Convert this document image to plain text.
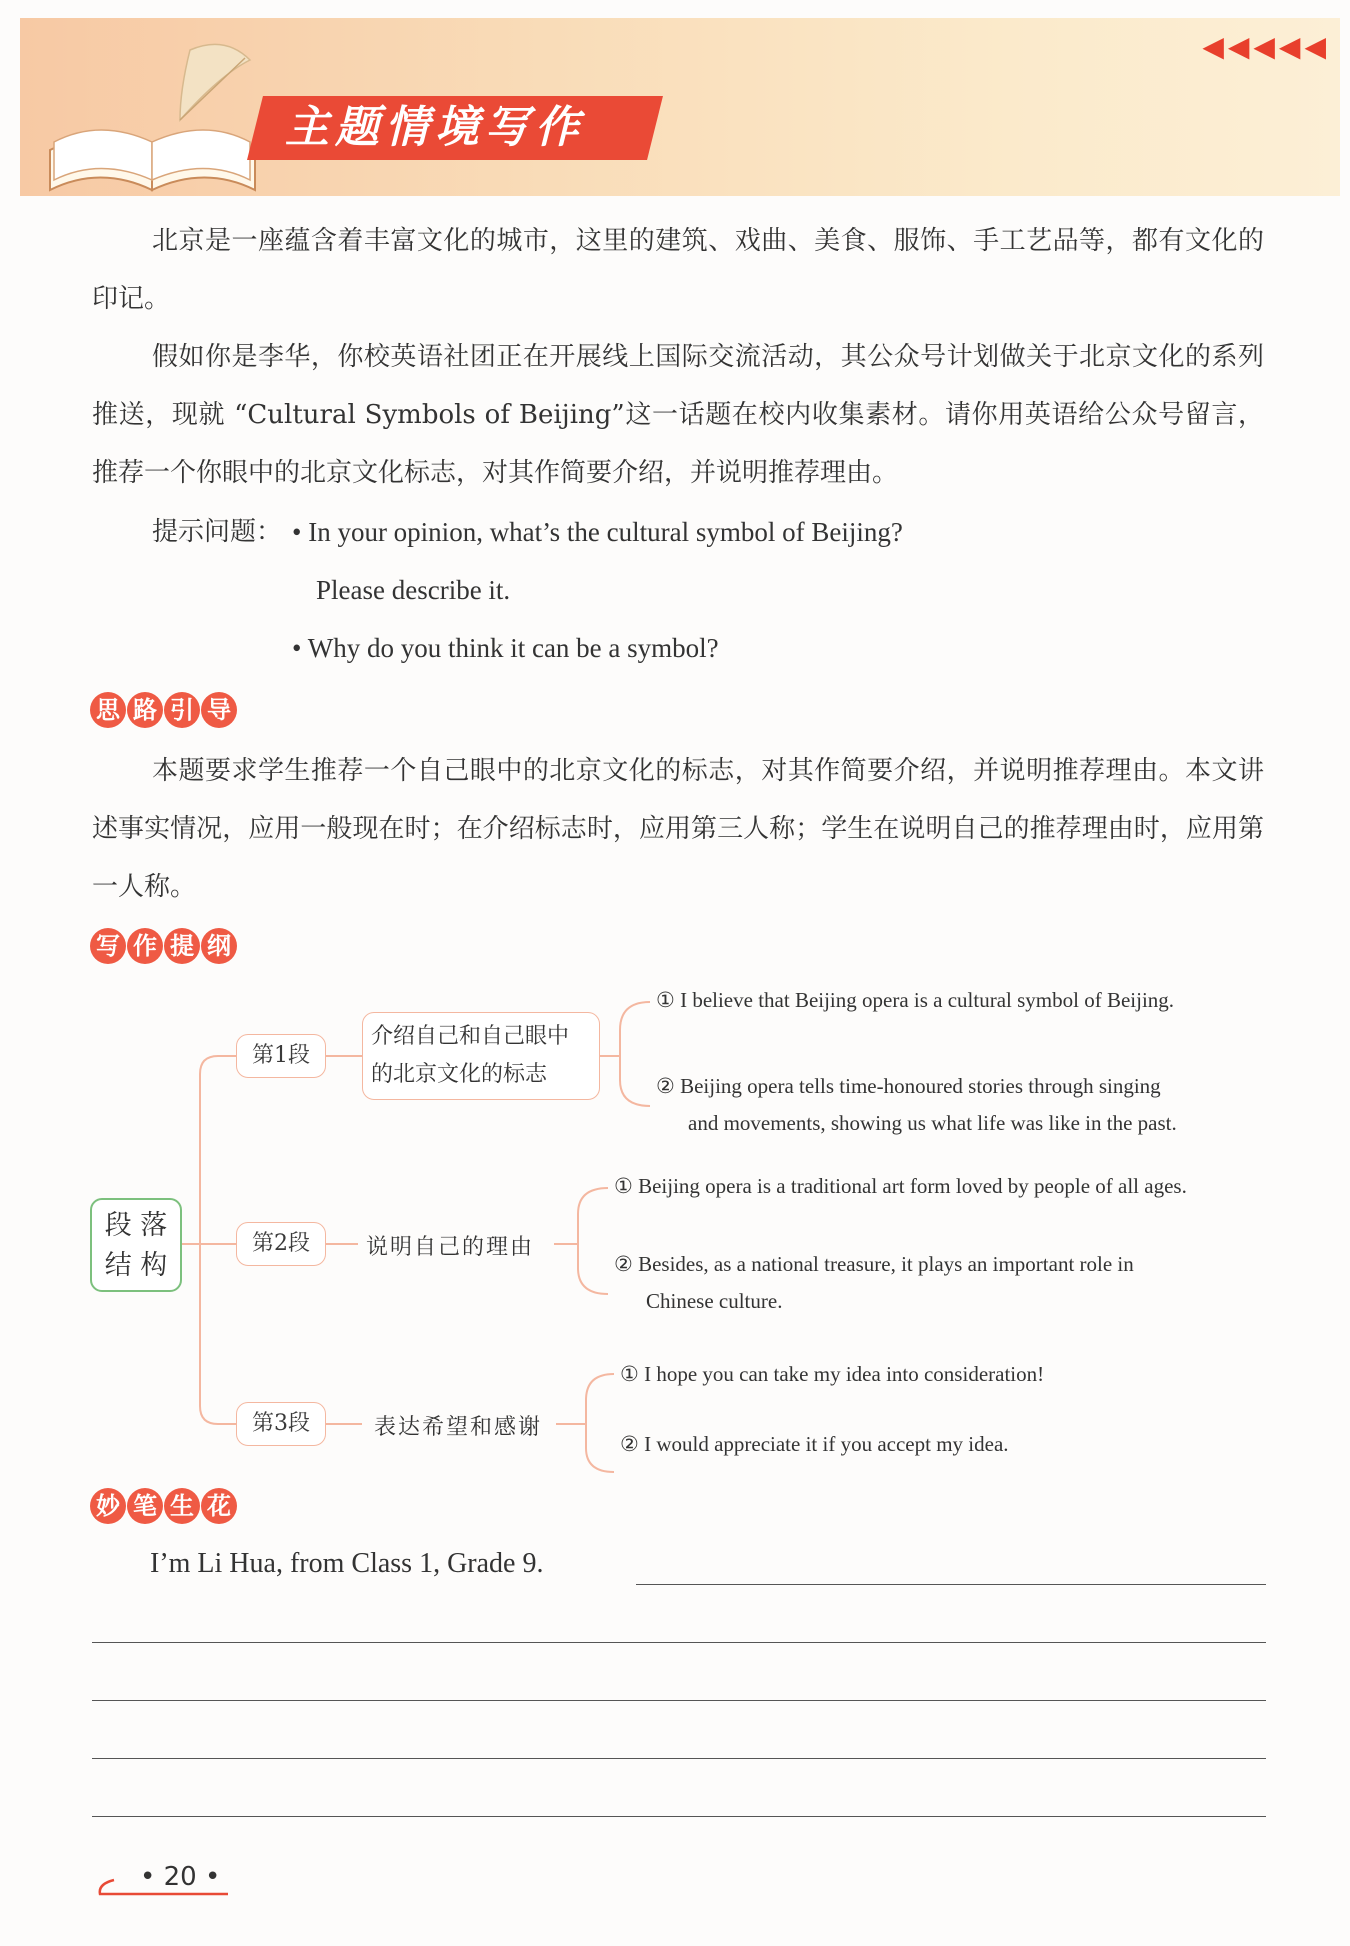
◀◀◀◀◀
主题情境写作
北京是一座蕴含着丰富文化的城市，这里的建筑、戏曲、美食、服饰、手工艺品等，都有文化的印记。
假如你是李华，你校英语社团正在开展线上国际交流活动，其公众号计划做关于北京文化的系列推送，现就 “Cultural Symbols of Beijing”这一话题在校内收集素材。请你用英语给公众号留言，推荐一个你眼中的北京文化标志，对其作简要介绍，并说明推荐理由。
提示问题： • In your opinion, what’s the cultural symbol of Beijing?
Please describe it.
• Why do you think it can be a symbol?
思 路 引 导
本题要求学生推荐一个自己眼中的北京文化的标志，对其作简要介绍，并说明推荐理由。本文讲述事实情况，应用一般现在时；在介绍标志时，应用第三人称；学生在说明自己的推荐理由时，应用第一人称。
写 作 提 纲
段 落
结 构
第1段
介绍自己和自己眼中
的北京文化的标志
① I believe that Beijing opera is a cultural symbol of Beijing.
② Beijing opera tells time-honoured stories through singing
and movements, showing us what life was like in the past.
第2段	说明自己的理由
① Beijing opera is a traditional art form loved by people of all ages.
② Besides, as a national treasure, it plays an important role in
Chinese culture.
第3段	表达希望和感谢
① I hope you can take my idea into consideration!
② I would appreciate it if you accept my idea.
妙 笔 生 花
I’m Li Hua, from Class 1, Grade 9.
• 20 •
